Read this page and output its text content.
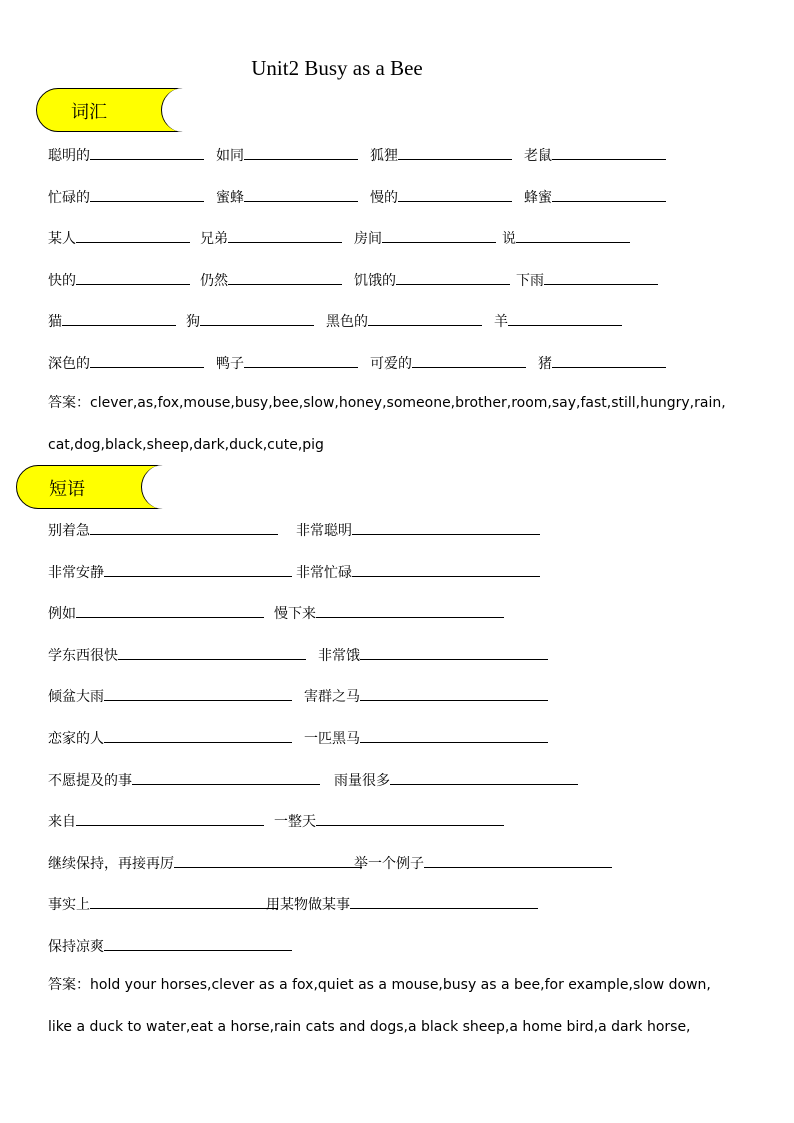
Unit2 Busy as a Bee
词汇
聪明的	如同	狐狸	老鼠
忙碌的	蜜蜂	慢的	蜂蜜
某人	兄弟	房间	说
快的	仍然	饥饿的	下雨
猫	狗	黑色的	羊
深色的	鸭子	可爱的	猪
答案：clever,as,fox,mouse,busy,bee,slow,honey,someone,brother,room,say,fast,still,hungry,rain,
cat,dog,black,sheep,dark,duck,cute,pig
短语
别着急	非常聪明
非常安静	非常忙碌
例如	慢下来
学东西很快	非常饿
倾盆大雨	害群之马
恋家的人	一匹黑马
不愿提及的事	雨量很多
来自	一整天
继续保持，再接再厉	举一个例子
事实上	用某物做某事
保持凉爽
答案：hold your horses,clever as a fox,quiet as a mouse,busy as a bee,for example,slow down,
like a duck to water,eat a horse,rain cats and dogs,a black sheep,a home bird,a dark horse,
